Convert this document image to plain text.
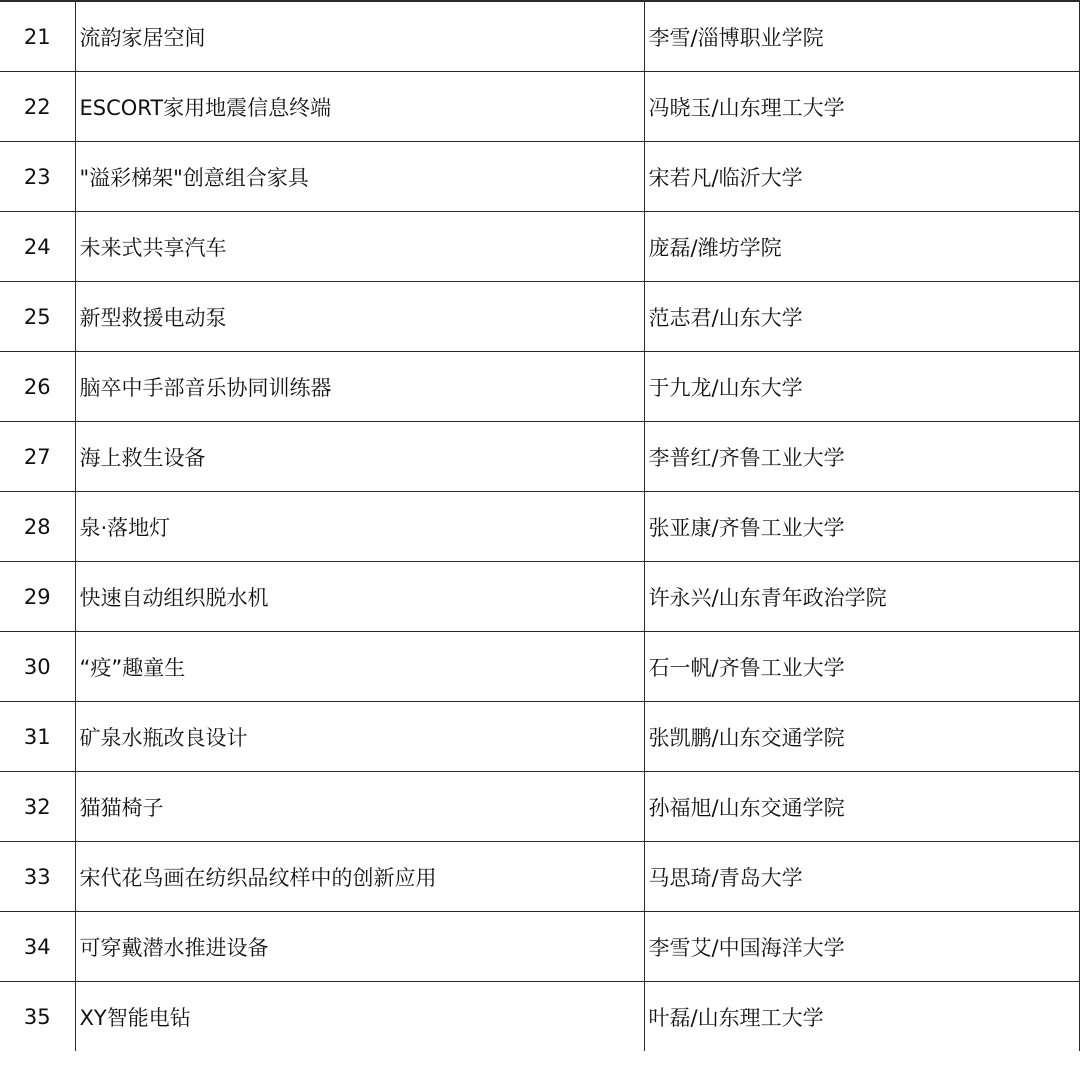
21	流韵家居空间	李雪/淄博职业学院
22	ESCORT家用地震信息终端	冯晓玉/山东理工大学
23	"溢彩梯架"创意组合家具	宋若凡/临沂大学
24	未来式共享汽车	庞磊/潍坊学院
25	新型救援电动泵	范志君/山东大学
26	脑卒中手部音乐协同训练器	于九龙/山东大学
27	海上救生设备	李普红/齐鲁工业大学
28	泉·落地灯	张亚康/齐鲁工业大学
29	快速自动组织脱水机	许永兴/山东青年政治学院
30	“疫”趣童生	石一帆/齐鲁工业大学
31	矿泉水瓶改良设计	张凯鹏/山东交通学院
32	猫猫椅子	孙福旭/山东交通学院
33	宋代花鸟画在纺织品纹样中的创新应用	马思琦/青岛大学
34	可穿戴潜水推进设备	李雪艾/中国海洋大学
35	XY智能电钻	叶磊/山东理工大学
